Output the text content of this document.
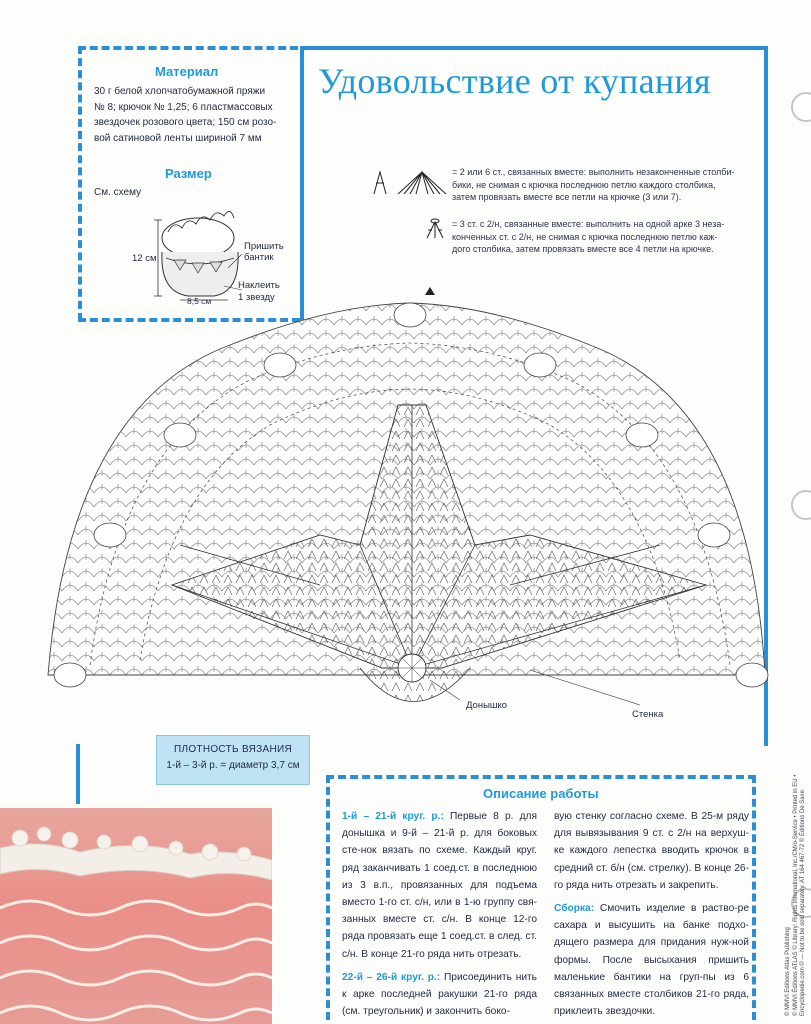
Удовольствие от купания
Материал
30 г белой хлопчатобумажной пряжи
№ 8; крючок № 1,25; 6 пластмассовых
звездочек розового цвета; 150 см розо-
вой сатиновой ленты шириной 7 мм
Размер
См. схему
12 см
8,5 см
Пришить
бантик
Наклеить
1 звезду
= 2 или 6 ст., связанных вместе: выполнить незаконченные столби-
бики, не снимая с крючка последнюю петлю каждого столбика,
затем провязать вместе все петли на крючке (3 или 7).
= 3 ст. с 2/н, связанные вместе: выполнить на одной арке 3 неза-
конченных ст. с 2/н, не снимая с крючка последнюю петлю каж-
дого столбика, затем провязать вместе все 4 петли на крючке.
Донышко
Стенка
ПЛОТНОСТЬ ВЯЗАНИЯ
1-й – 3-й р. = диаметр 3,7 см
Описание работы

1-й – 21-й круг. р.: Первые 8 р. для донышка и 9-й – 21-й р. для боковых сте-нок вязать по схеме. Каждый круг. ряд заканчивать 1 соед.ст. в последнюю из 3 в.п., провязанных для подъема вместо 1-го ст. с/н, или в 1-ю группу свя-занных вместе ст. с/н. В конце 12-го ряда провязать еще 1 соед.ст. в след. ст. с/н. В конце 21-го ряда нить отрезать.

22-й – 26-й круг. р.: Присоединить нить к арке последней ракушки 21-го ряда (см. треугольник) и закончить боко-

вую стенку согласно схеме. В 25-м ряду для вывязывания 9 ст. с 2/н на верхуш-ке каждого лепестка вводить крючок в средний ст. б/н (см. стрелку). В конце 26-го ряда нить отрезать и закрепить.

Сборка: Смочить изделие в раство-ре сахара и высушить на банке подхо-дящего размера для придания нуж-ной формы. После высыхания пришить маленькие бантики на груп-пы из 6 связанных вместе столбиков 21-го ряда, приклеить звездочки.	© MMVI Editions Atlas Publishing © MMVI Éditions ATLAS © Library: Rights International, Inc./CM/o-Service • Printed in EU • Encyclopedie.com © — Not to be sold separately. AT 164 467-72 © Éditions De Saxe
